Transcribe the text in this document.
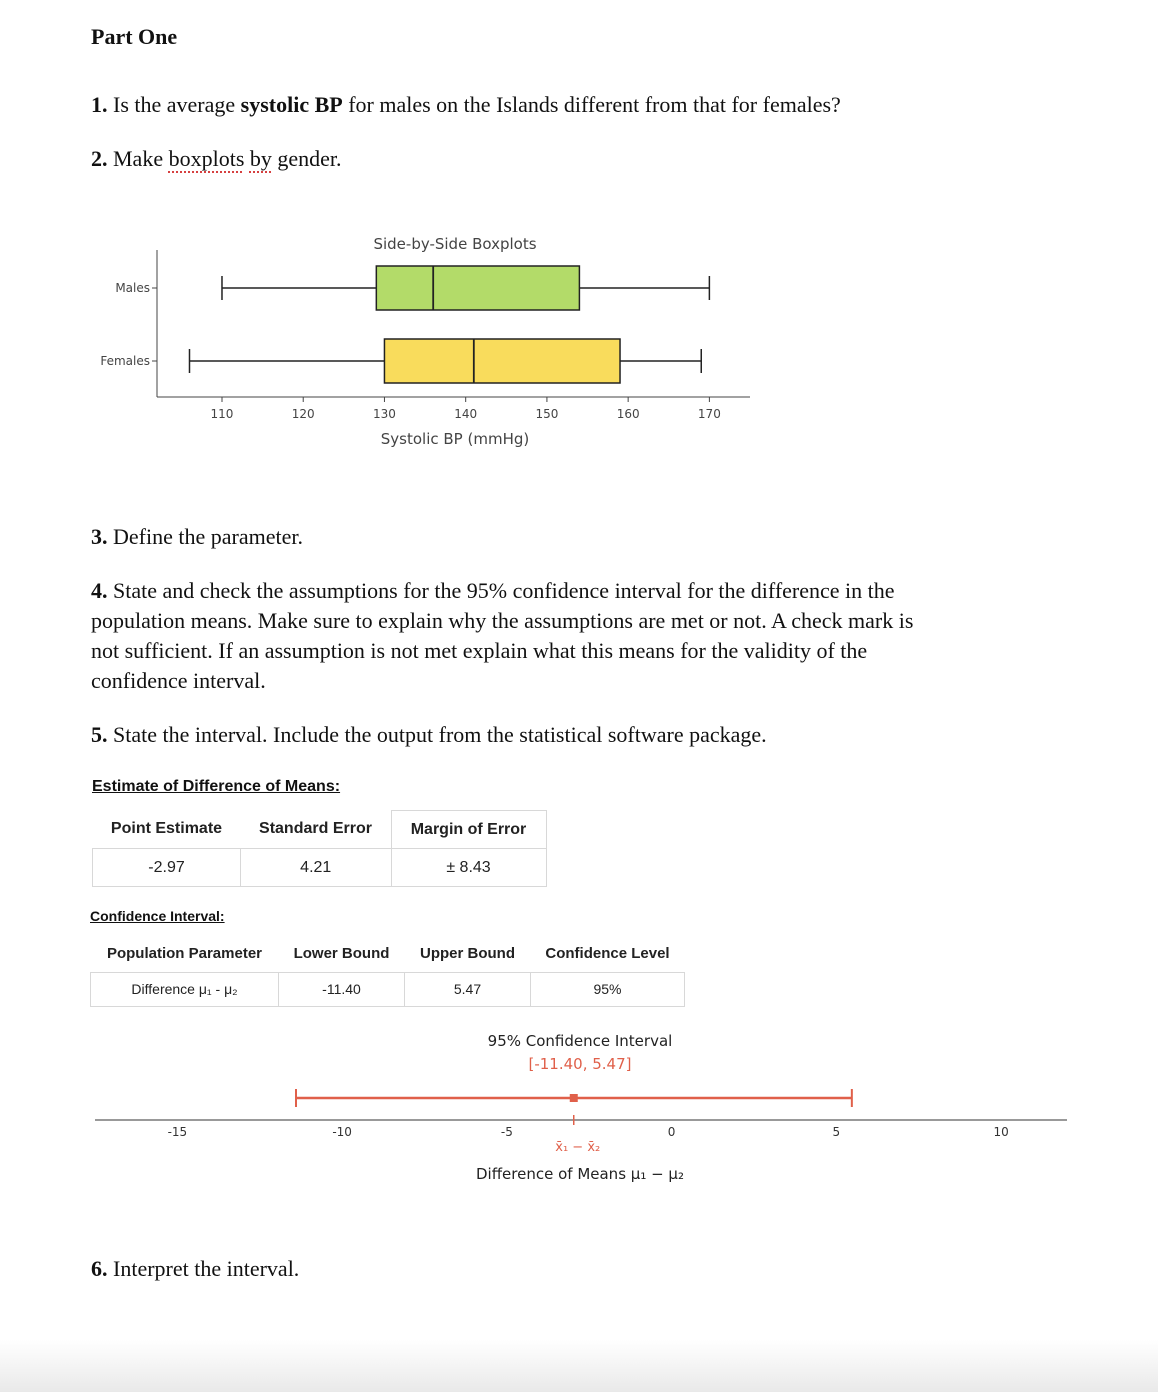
Part One
1. Is the average systolic BP for males on the Islands different from that for females?
2. Make boxplots by gender.
Side-by-Side Boxplots
110	120	130	140	150	160	170
Males
Females
Systolic BP (mmHg)
3. Define the parameter.
4. State and check the assumptions for the 95% confidence interval for the difference in the
population means. Make sure to explain why the assumptions are met or not. A check mark is
not sufficient. If an assumption is not met explain what this means for the validity of the
confidence interval.
5. State the interval. Include the output from the statistical software package.
Estimate of Difference of Means:
Point Estimate	Standard Error	Margin of Error
-2.97	4.21	± 8.43
Confidence Interval:
Population Parameter	Lower Bound	Upper Bound	Confidence Level
Difference μ₁ - μ₂	-11.40	5.47	95%
95% Confidence Interval
[-11.40, 5.47]
-15	-10	-5	0	5	10
x̄₁ − x̄₂
Difference of Means μ₁ − μ₂
6. Interpret the interval.
